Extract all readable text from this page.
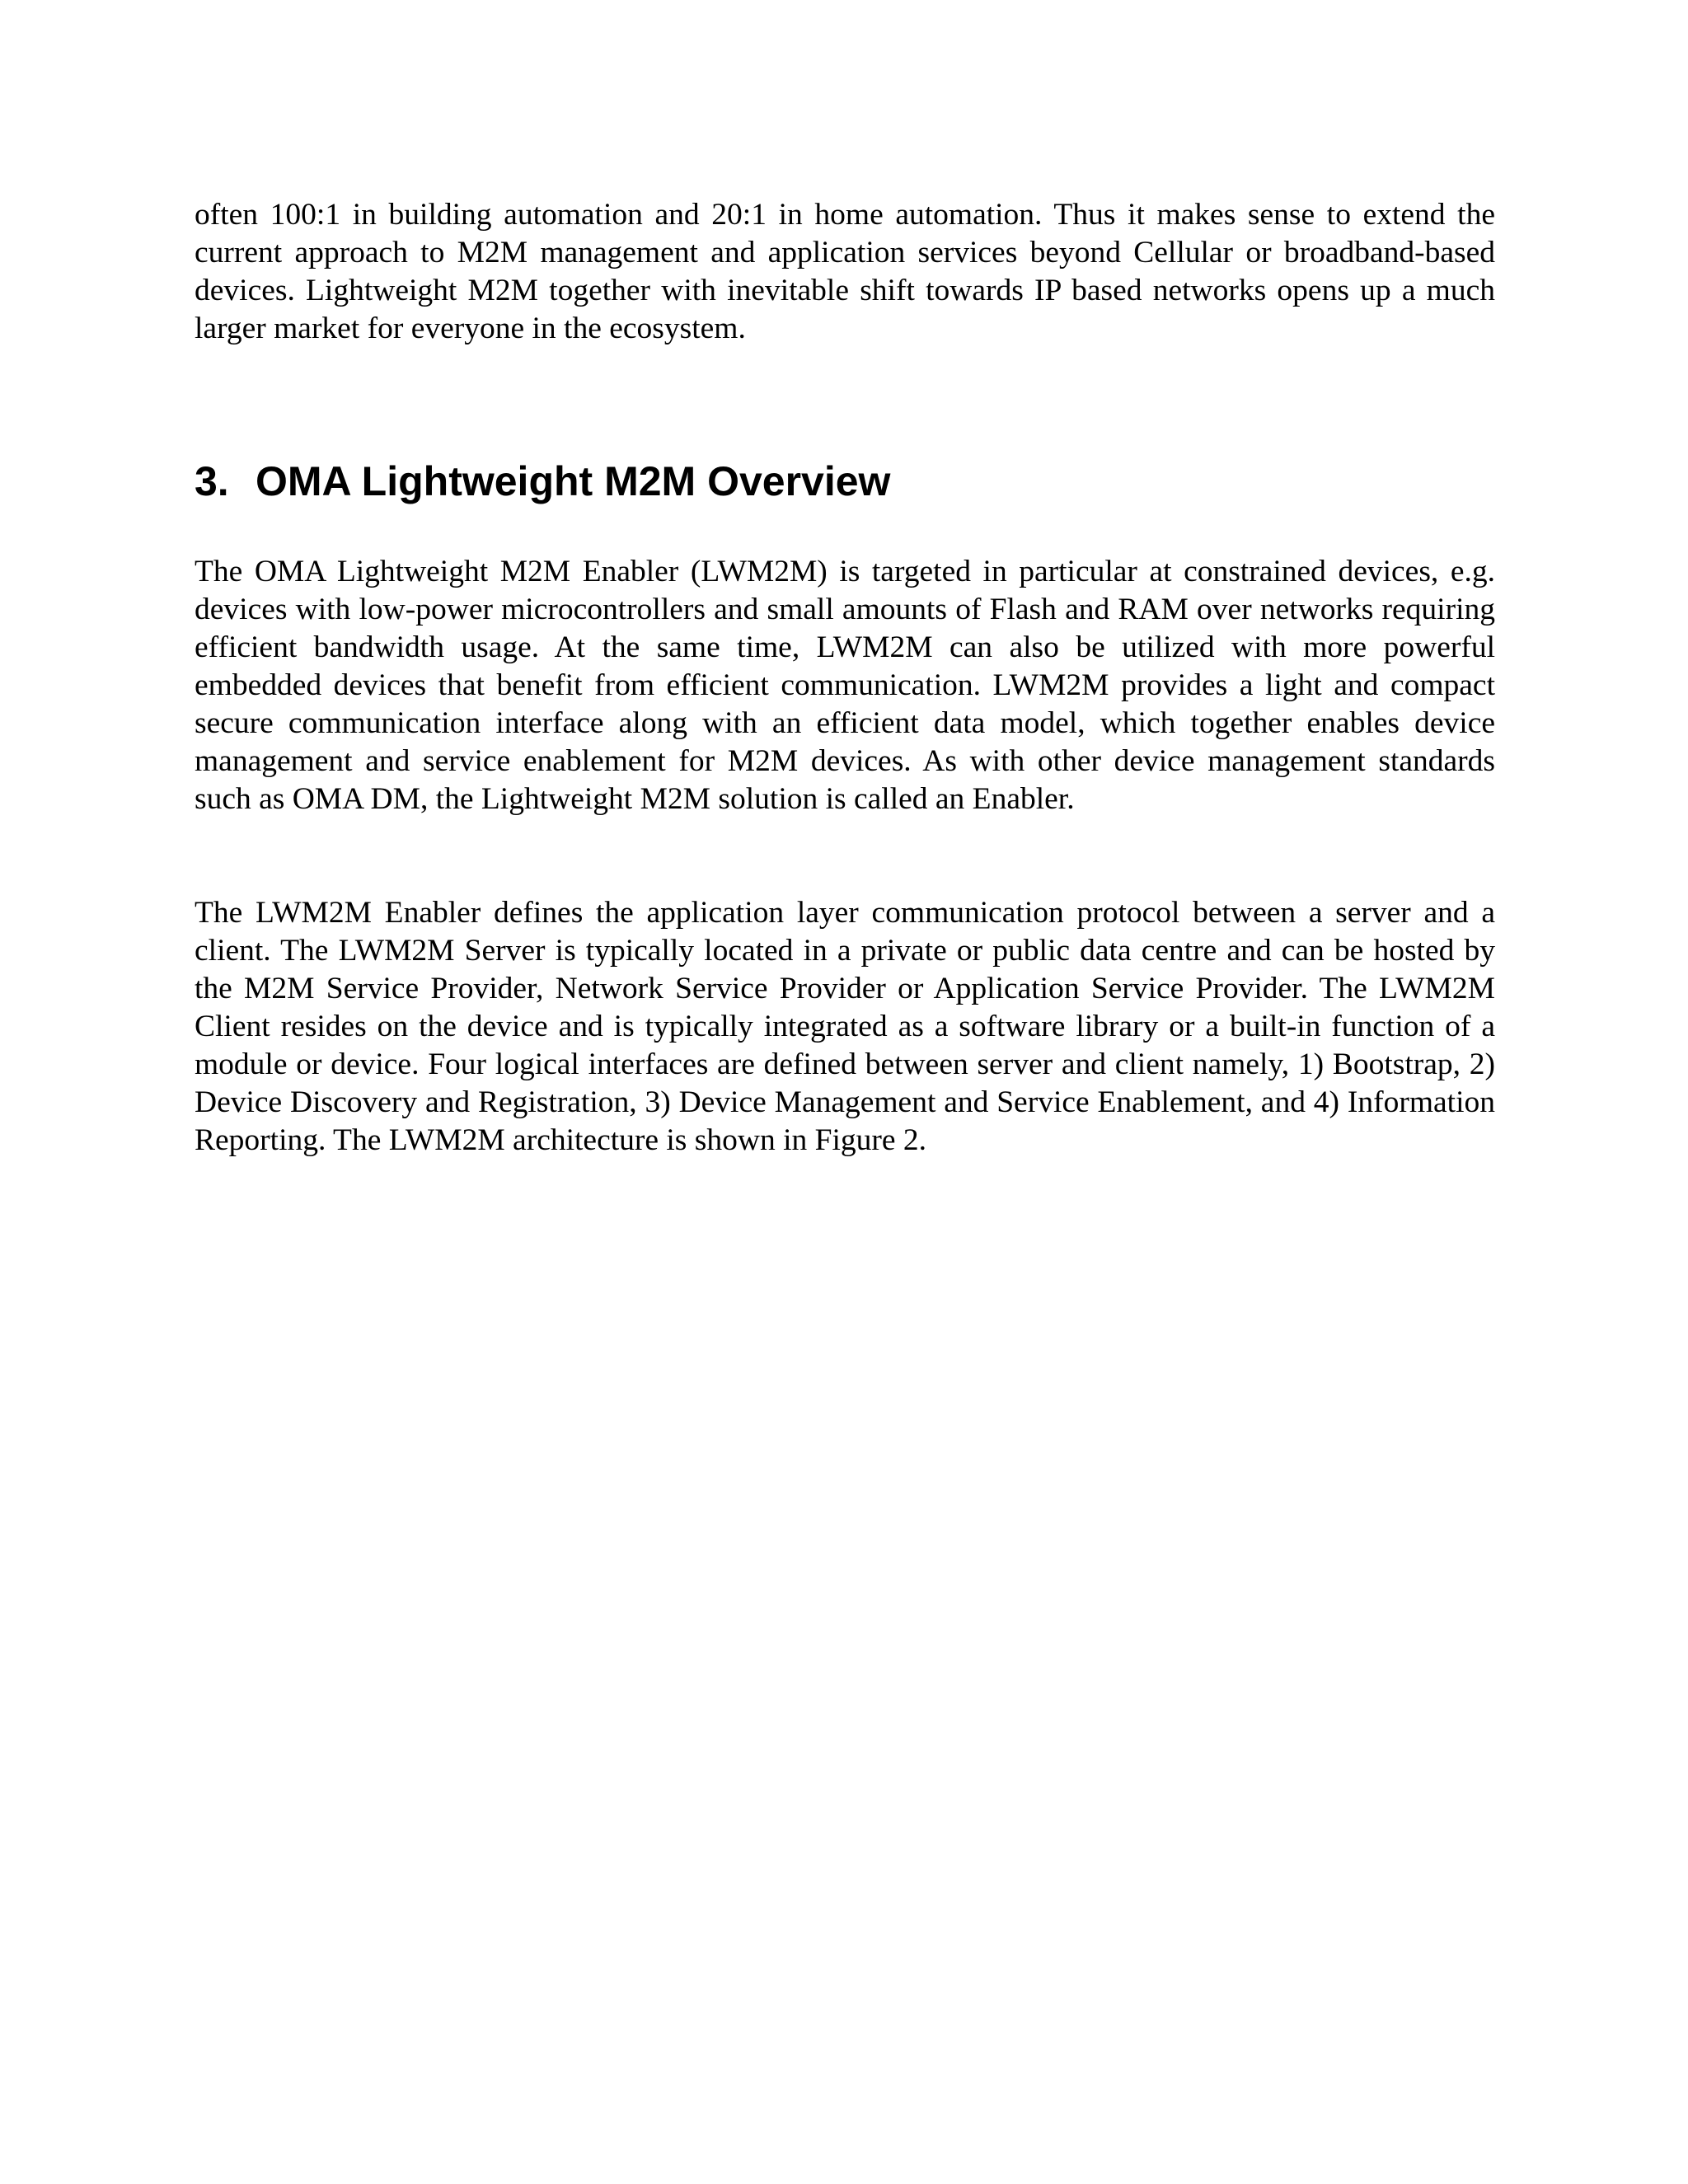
often 100:1 in building automation and 20:1 in home automation. Thus it makes sense to extend the current approach to M2M management and application services beyond Cellular or broadband-based devices. Lightweight M2M together with inevitable shift towards IP based networks opens up a much larger market for everyone in the ecosystem.

3. OMA Lightweight M2M Overview

The OMA Lightweight M2M Enabler (LWM2M) is targeted in particular at constrained devices, e.g. devices with low-power microcontrollers and small amounts of Flash and RAM over networks requiring efficient bandwidth usage. At the same time, LWM2M can also be utilized with more powerful embedded devices that benefit from efficient communication. LWM2M provides a light and compact secure communication interface along with an efficient data model, which together enables device management and service enablement for M2M devices. As with other device management standards such as OMA DM, the Lightweight M2M solution is called an Enabler.

The LWM2M Enabler defines the application layer communication protocol between a server and a client. The LWM2M Server is typically located in a private or public data centre and can be hosted by the M2M Service Provider, Network Service Provider or Application Service Provider. The LWM2M Client resides on the device and is typically integrated as a software library or a built-in function of a module or device. Four logical interfaces are defined between server and client namely, 1) Bootstrap, 2) Device Discovery and Registration, 3) Device Management and Service Enablement, and 4) Information Reporting. The LWM2M architecture is shown in Figure 2.
